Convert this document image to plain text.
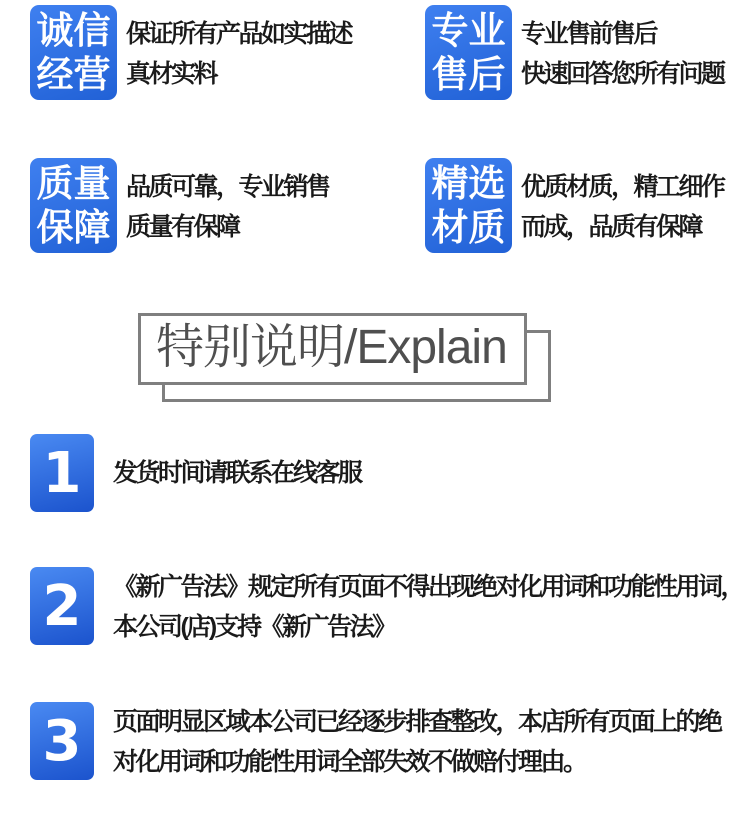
诚信
经营
保证所有产品如实描述
真材实料
专业
售后
专业售前售后
快速回答您所有问题
质量
保障
品质可靠，专业销售
质量有保障
精选
材质
优质材质，精工细作
而成，品质有保障
特别说明/Explain
1 发货时间请联系在线客服
2 《新广告法》规定所有页面不得出现绝对化用词和功能性用词，
本公司(店)支持《新广告法》
3 页面明显区域本公司已经逐步排查整改，本店所有页面上的绝
对化用词和功能性用词全部失效不做赔付理由。
